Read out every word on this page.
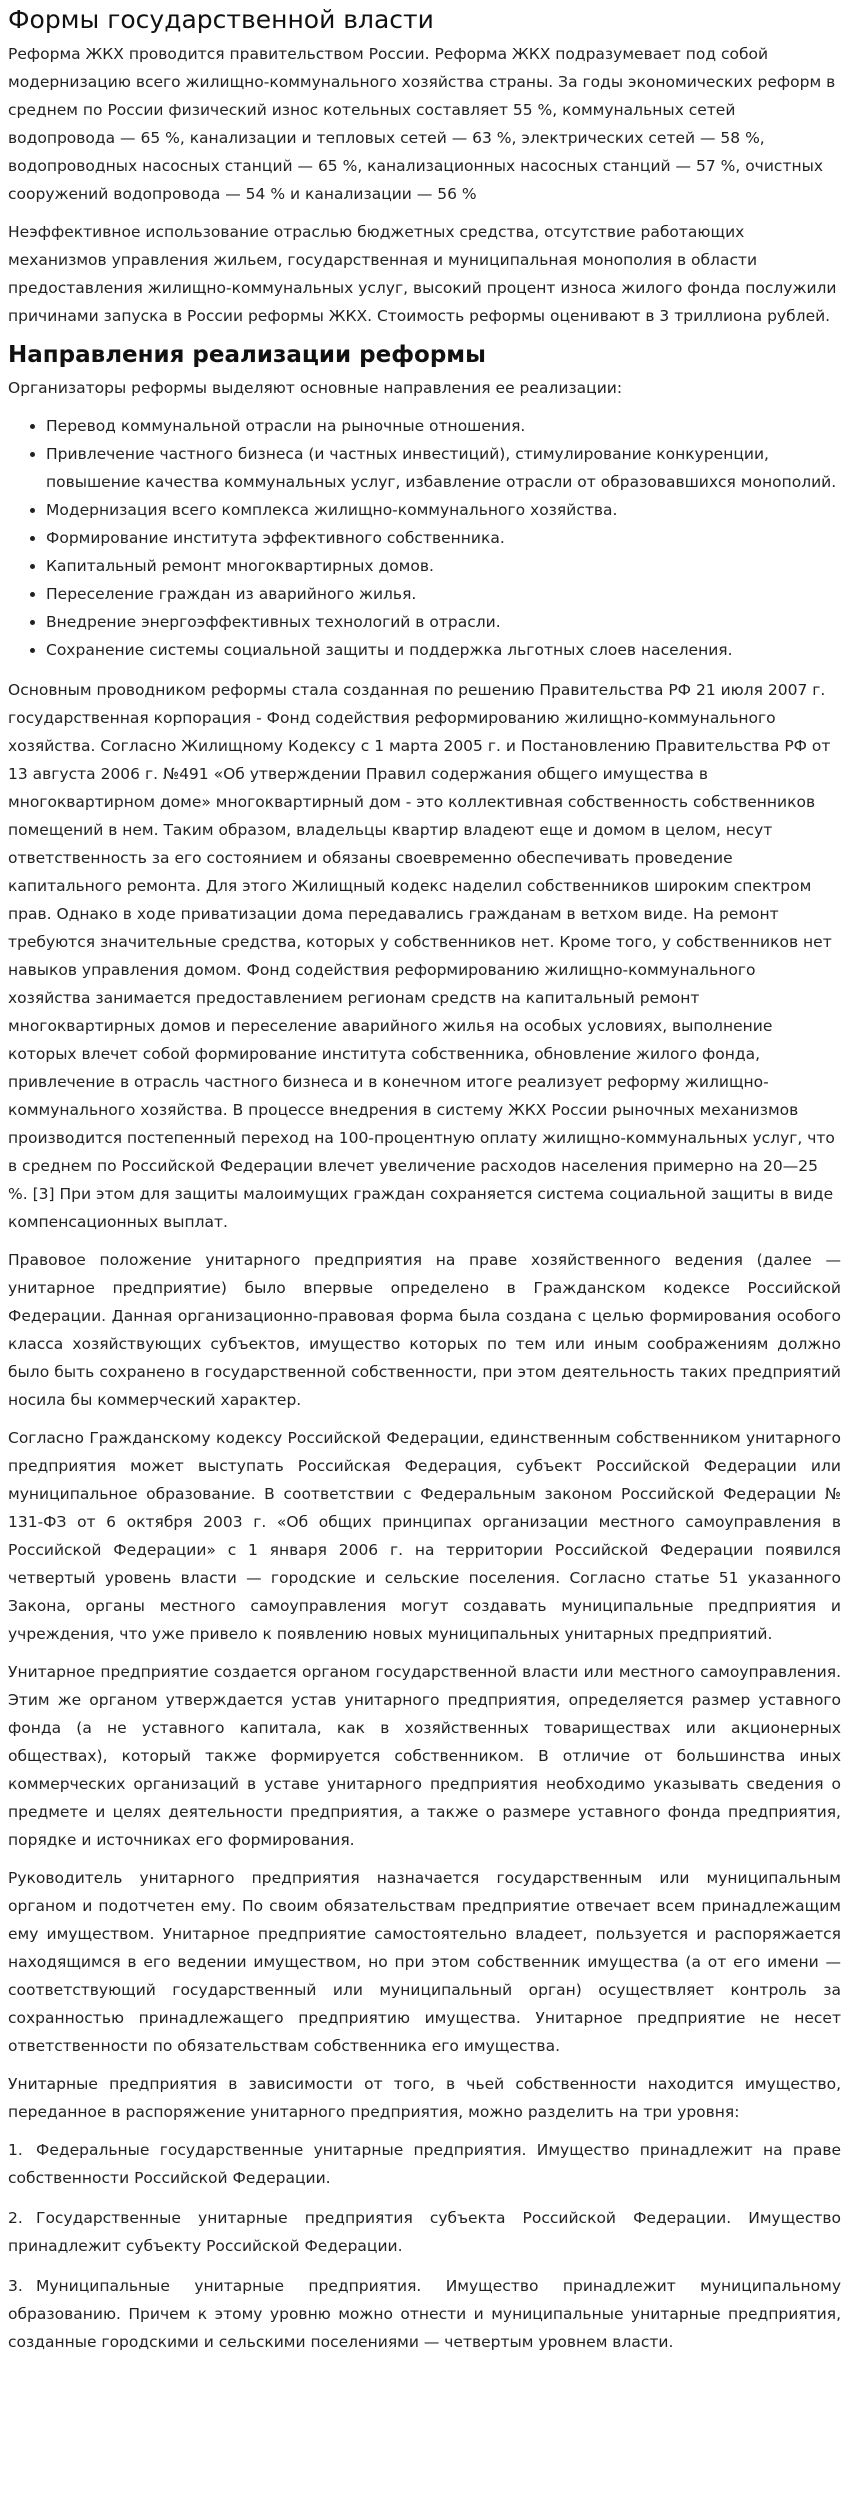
Формы государственной власти

Реформа ЖКХ проводится правительством России. Реформа ЖКХ подразумевает под собой модернизацию всего жилищно-коммунального хозяйства страны. За годы экономических реформ в среднем по России физический износ котельных составляет 55 %, коммунальных сетей водопровода — 65 %, канализации и тепловых сетей — 63 %, электрических сетей — 58 %, водопроводных насосных станций — 65 %, канализационных насосных станций — 57 %, очистных сооружений водопровода — 54 % и канализации — 56 %

Неэффективное использование отраслью бюджетных средства, отсутствие работающих механизмов управления жильем, государственная и муниципальная монополия в области предоставления жилищно-коммунальных услуг, высокий процент износа жилого фонда послужили причинами запуска в России реформы ЖКХ. Стоимость реформы оценивают в 3 триллиона рублей.

Направления реализации реформы

Организаторы реформы выделяют основные направления ее реализации:

• Перевод коммунальной отрасли на рыночные отношения.
• Привлечение частного бизнеса (и частных инвестиций), стимулирование конкуренции, повышение качества коммунальных услуг, избавление отрасли от образовавшихся монополий.
• Модернизация всего комплекса жилищно-коммунального хозяйства.
• Формирование института эффективного собственника.
• Капитальный ремонт многоквартирных домов.
• Переселение граждан из аварийного жилья.
• Внедрение энергоэффективных технологий в отрасли.
• Сохранение системы социальной защиты и поддержка льготных слоев населения.

Основным проводником реформы стала созданная по решению Правительства РФ 21 июля 2007 г. государственная корпорация - Фонд содействия реформированию жилищно-коммунального хозяйства. Согласно Жилищному Кодексу с 1 марта 2005 г. и Постановлению Правительства РФ от 13 августа 2006 г. №491 «Об утверждении Правил содержания общего имущества в многоквартирном доме» многоквартирный дом - это коллективная собственность собственников помещений в нем. Таким образом, владельцы квартир владеют еще и домом в целом, несут ответственность за его состоянием и обязаны своевременно обеспечивать проведение капитального ремонта. Для этого Жилищный кодекс наделил собственников широким спектром прав. Однако в ходе приватизации дома передавались гражданам в ветхом виде. На ремонт требуются значительные средства, которых у собственников нет. Кроме того, у собственников нет навыков управления домом. Фонд содействия реформированию жилищно-коммунального хозяйства занимается предоставлением регионам средств на капитальный ремонт многоквартирных домов и переселение аварийного жилья на особых условиях, выполнение которых влечет собой формирование института собственника, обновление жилого фонда, привлечение в отрасль частного бизнеса и в конечном итоге реализует реформу жилищно-коммунального хозяйства. В процессе внедрения в систему ЖКХ России рыночных механизмов производится постепенный переход на 100-процентную оплату жилищно-коммунальных услуг, что в среднем по Российской Федерации влечет увеличение расходов населения примерно на 20—25 %. [3] При этом для защиты малоимущих граждан сохраняется система социальной защиты в виде компенсационных выплат.

Правовое положение унитарного предприятия на праве хозяйственного ведения (далее — унитарное предприятие) было впервые определено в Гражданском кодексе Российской Федерации. Данная организационно-правовая форма была создана с целью формирования особого класса хозяйствующих субъектов, имущество которых по тем или иным соображениям должно было быть сохранено в государственной собственности, при этом деятельность таких предприятий носила бы коммерческий характер.

Согласно Гражданскому кодексу Российской Федерации, единственным собственником унитарного предприятия может выступать Российская Федерация, субъект Российской Федерации или муниципальное образование. В соответствии с Федеральным законом Российской Федерации № 131-ФЗ от 6 октября 2003 г. «Об общих принципах организации местного самоуправления в Российской Федерации» с 1 января 2006 г. на территории Российской Федерации появился четвертый уровень власти — городские и сельские поселения. Согласно статье 51 указанного Закона, органы местного самоуправления могут создавать муниципальные предприятия и учреждения, что уже привело к появлению новых муниципальных унитарных предприятий.

Унитарное предприятие создается органом государственной власти или местного самоуправления. Этим же органом утверждается устав унитарного предприятия, определяется размер уставного фонда (а не уставного капитала, как в хозяйственных товариществах или акционерных обществах), который также формируется собственником. В отличие от большинства иных коммерческих организаций в уставе унитарного предприятия необходимо указывать сведения о предмете и целях деятельности предприятия, а также о размере уставного фонда предприятия, порядке и источниках его формирования.

Руководитель унитарного предприятия назначается государственным или муниципальным органом и подотчетен ему. По своим обязательствам предприятие отвечает всем принадлежащим ему имуществом. Унитарное предприятие самостоятельно владеет, пользуется и распоряжается находящимся в его ведении имуществом, но при этом собственник имущества (а от его имени — соответствующий государственный или муниципальный орган) осуществляет контроль за сохранностью принадлежащего предприятию имущества. Унитарное предприятие не несет ответственности по обязательствам собственника его имущества.

Унитарные предприятия в зависимости от того, в чьей собственности находится имущество, переданное в распоряжение унитарного предприятия, можно разделить на три уровня:

1. Федеральные государственные унитарные предприятия. Имущество принадлежит на праве собственности Российской Федерации.
2. Государственные унитарные предприятия субъекта Российской Федерации. Имущество принадлежит субъекту Российской Федерации.
3. Муниципальные унитарные предприятия. Имущество принадлежит муниципальному образованию. Причем к этому уровню можно отнести и муниципальные унитарные предприятия, созданные городскими и сельскими поселениями — четвертым уровнем власти.
